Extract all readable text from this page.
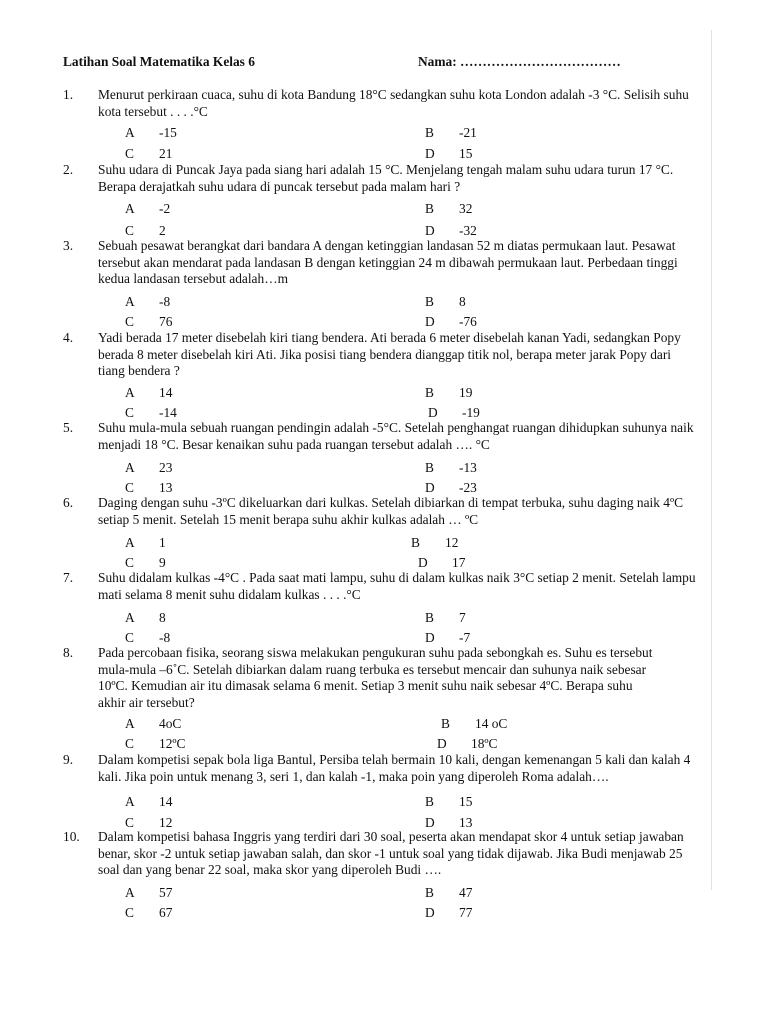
Latihan Soal Matematika Kelas 6	Nama: ………………………………
1.	Menurut perkiraan cuaca, suhu di kota Bandung 18°C sedangkan suhu kota London adalah -3 °C. Selisih suhu
kota tersebut . . . .°C
A -15	B -21
C 21	D 15
2.	Suhu udara di Puncak Jaya pada siang hari adalah 15 °C. Menjelang tengah malam suhu udara turun 17 °C.
Berapa derajatkah suhu udara di puncak tersebut pada malam hari ?
A -2	B 32
C 2	D -32
3.	Sebuah pesawat berangkat dari bandara A dengan ketinggian landasan 52 m diatas permukaan laut. Pesawat
tersebut akan mendarat pada landasan B dengan ketinggian 24 m dibawah permukaan laut. Perbedaan tinggi
kedua landasan tersebut adalah…m
A -8	B 8
C 76	D -76
4.	Yadi berada 17 meter disebelah kiri tiang bendera. Ati berada 6 meter disebelah kanan Yadi, sedangkan Popy
berada 8 meter disebelah kiri Ati. Jika posisi tiang bendera dianggap titik nol, berapa meter jarak Popy dari
tiang bendera ?
A 14	B 19
C -14	D -19
5.	Suhu mula-mula sebuah ruangan pendingin adalah -5°C. Setelah penghangat ruangan dihidupkan suhunya naik
menjadi 18 °C. Besar kenaikan suhu pada ruangan tersebut adalah …. °C
A 23	B -13
C 13	D -23
6.	Daging dengan suhu -3ºC dikeluarkan dari kulkas. Setelah dibiarkan di tempat terbuka, suhu daging naik 4ºC
setiap 5 menit. Setelah 15 menit berapa suhu akhir kulkas adalah … ºC
A 1	B 12
C 9	D 17
7.	Suhu didalam kulkas -4°C . Pada saat mati lampu, suhu di dalam kulkas naik 3°C setiap 2 menit. Setelah lampu
mati selama 8 menit suhu didalam kulkas . . . .°C
A 8	B 7
C -8	D -7
8.	Pada percobaan fisika, seorang siswa melakukan pengukuran suhu pada sebongkah es. Suhu es tersebut
mula-mula –6˚C. Setelah dibiarkan dalam ruang terbuka es tersebut mencair dan suhunya naik sebesar
10ºC. Kemudian air itu dimasak selama 6 menit. Setiap 3 menit suhu naik sebesar 4ºC. Berapa suhu
akhir air tersebut?
A 4oC	B 14 oC
C 12ºC	D 18ºC
9.	Dalam kompetisi sepak bola liga Bantul, Persiba telah bermain 10 kali, dengan kemenangan 5 kali dan kalah 4
kali. Jika poin untuk menang 3, seri 1, dan kalah -1, maka poin yang diperoleh Roma adalah….
A 14	B 15
C 12	D 13
10.	Dalam kompetisi bahasa Inggris yang terdiri dari 30 soal, peserta akan mendapat skor 4 untuk setiap jawaban
benar, skor -2 untuk setiap jawaban salah, dan skor -1 untuk soal yang tidak dijawab. Jika Budi menjawab 25
soal dan yang benar 22 soal, maka skor yang diperoleh Budi ….
A 57	B 47
C 67	D 77
